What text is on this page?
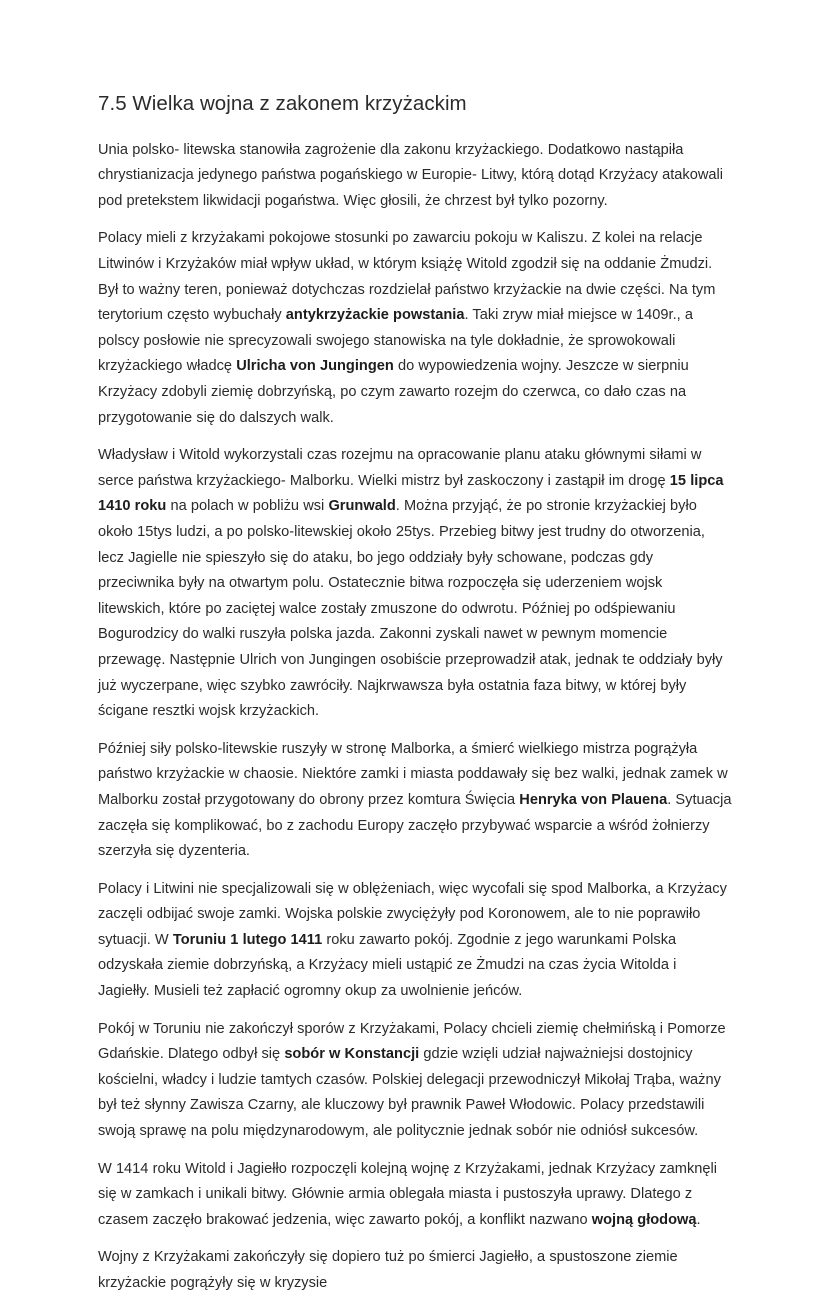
7.5 Wielka wojna z zakonem krzyżackim

Unia polsko- litewska stanowiła zagrożenie dla zakonu krzyżackiego. Dodatkowo nastąpiła chrystianizacja jedynego państwa pogańskiego w Europie- Litwy, którą dotąd Krzyżacy atakowali pod pretekstem likwidacji pogaństwa. Więc głosili, że chrzest był tylko pozorny.

Polacy mieli z krzyżakami pokojowe stosunki po zawarciu pokoju w Kaliszu. Z kolei na relacje Litwinów i Krzyżaków miał wpływ układ, w którym książę Witold zgodził się na oddanie Żmudzi. Był to ważny teren, ponieważ dotychczas rozdzielał państwo krzyżackie na dwie części. Na tym terytorium często wybuchały antykrzyżackie powstania. Taki zryw miał miejsce w 1409r., a polscy posłowie nie sprecyzowali swojego stanowiska na tyle dokładnie, że sprowokowali krzyżackiego władcę Ulricha von Jungingen do wypowiedzenia wojny. Jeszcze w sierpniu Krzyżacy zdobyli ziemię dobrzyńską, po czym zawarto rozejm do czerwca, co dało czas na przygotowanie się do dalszych walk.

Władysław i Witold wykorzystali czas rozejmu na opracowanie planu ataku głównymi siłami w serce państwa krzyżackiego- Malborku. Wielki mistrz był zaskoczony i zastąpił im drogę 15 lipca 1410 roku na polach w pobliżu wsi Grunwald. Można przyjąć, że po stronie krzyżackiej było około 15tys ludzi, a po polsko-litewskiej około 25tys. Przebieg bitwy jest trudny do otworzenia, lecz Jagielle nie spieszyło się do ataku, bo jego oddziały były schowane, podczas gdy przeciwnika były na otwartym polu. Ostatecznie bitwa rozpoczęła się uderzeniem wojsk litewskich, które po zaciętej walce zostały zmuszone do odwrotu. Później po odśpiewaniu Bogurodzicy do walki ruszyła polska jazda. Zakonni zyskali nawet w pewnym momencie przewagę. Następnie Ulrich von Jungingen osobiście przeprowadził atak, jednak te oddziały były już wyczerpane, więc szybko zawróciły. Najkrwawsza była ostatnia faza bitwy, w której były ścigane resztki wojsk krzyżackich.

Później siły polsko-litewskie ruszyły w stronę Malborka, a śmierć wielkiego mistrza pogrążyła państwo krzyżackie w chaosie. Niektóre zamki i miasta poddawały się bez walki, jednak zamek w Malborku został przygotowany do obrony przez komtura Święcia Henryka von Plauena. Sytuacja zaczęła się komplikować, bo z zachodu Europy zaczęło przybywać wsparcie a wśród żołnierzy szerzyła się dyzenteria.

Polacy i Litwini nie specjalizowali się w oblężeniach, więc wycofali się spod Malborka, a Krzyżacy zaczęli odbijać swoje zamki. Wojska polskie zwyciężyły pod Koronowem, ale to nie poprawiło sytuacji. W Toruniu 1 lutego 1411 roku zawarto pokój. Zgodnie z jego warunkami Polska odzyskała ziemie dobrzyńską, a Krzyżacy mieli ustąpić ze Żmudzi na czas życia Witolda i Jagiełły. Musieli też zapłacić ogromny okup za uwolnienie jeńców.

Pokój w Toruniu nie zakończył sporów z Krzyżakami, Polacy chcieli ziemię chełmińską i Pomorze Gdańskie. Dlatego odbył się sobór w Konstancji gdzie wzięli udział najważniejsi dostojnicy kościelni, władcy i ludzie tamtych czasów. Polskiej delegacji przewodniczył Mikołaj Trąba, ważny był też słynny Zawisza Czarny, ale kluczowy był prawnik Paweł Włodowic. Polacy przedstawili swoją sprawę na polu międzynarodowym, ale politycznie jednak sobór nie odniósł sukcesów.

W 1414 roku Witold i Jagiełło rozpoczęli kolejną wojnę z Krzyżakami, jednak Krzyżacy zamknęli się w zamkach i unikali bitwy. Głównie armia oblegała miasta i pustoszyła uprawy. Dlatego z czasem zaczęło brakować jedzenia, więc zawarto pokój, a konflikt nazwano wojną głodową.

Wojny z Krzyżakami zakończyły się dopiero tuż po śmierci Jagiełło, a spustoszone ziemie krzyżackie pogrążyły się w kryzysie
